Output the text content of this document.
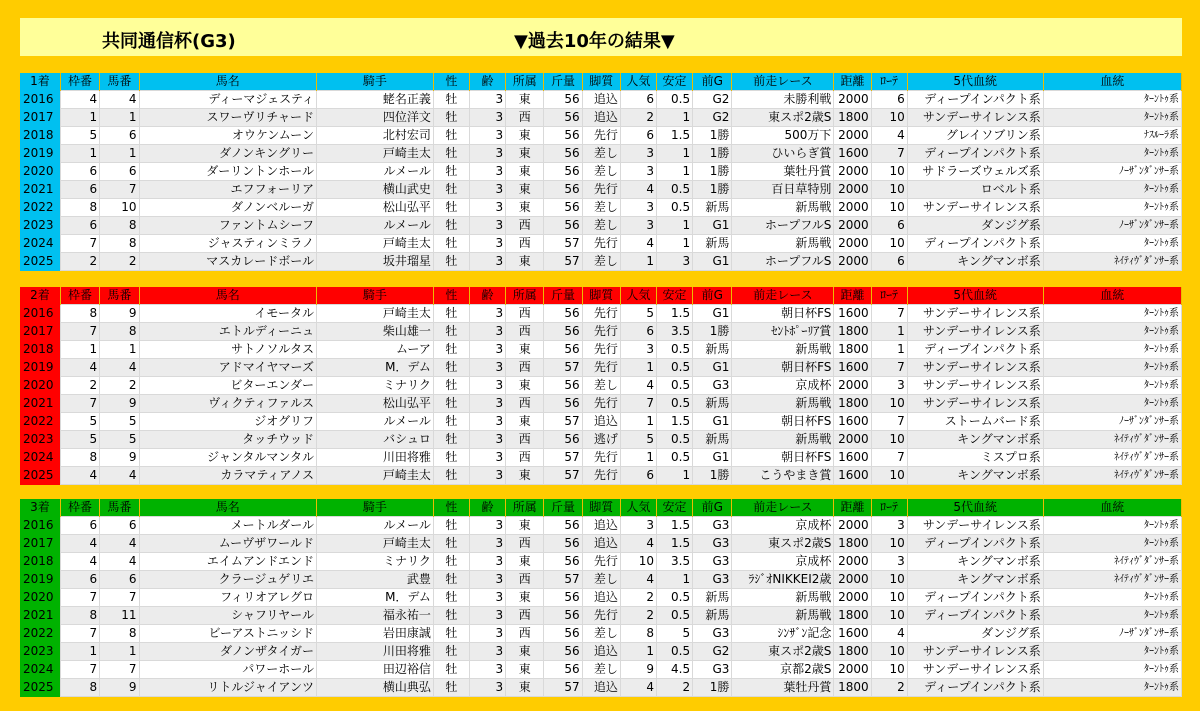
共同通信杯(G3)	▼過去10年の結果▼
1着	枠番	馬番	馬名	騎手	性	齢	所属	斤量	脚質	人気	安定	前G	前走レース	距離	ﾛｰﾃ	5代血統	血統
2016	4	4	ディーマジェスティ	蛯名正義	牡	3	東	56	追込	6	0.5	G2	未勝利戦	2000	6	ディープインパクト系	ﾀｰﾝﾄｩ系
2017	1	1	スワーヴリチャード	四位洋文	牡	3	西	56	追込	2	1	G2	東スポ2歳S	1800	10	サンデーサイレンス系	ﾀｰﾝﾄｩ系
2018	5	6	オウケンムーン	北村宏司	牡	3	東	56	先行	6	1.5	1勝	500万下	2000	4	グレイソブリン系	ﾅｽﾙｰﾗ系
2019	1	1	ダノンキングリー	戸崎圭太	牡	3	東	56	差し	3	1	1勝	ひいらぎ賞	1600	7	ディープインパクト系	ﾀｰﾝﾄｩ系
2020	6	6	ダーリントンホール	ルメール	牡	3	東	56	差し	3	1	1勝	葉牡丹賞	2000	10	サドラーズウェルズ系	ﾉｰｻﾞﾝﾀﾞﾝｻｰ系
2021	6	7	エフフォーリア	横山武史	牡	3	東	56	先行	4	0.5	1勝	百日草特別	2000	10	ロベルト系	ﾀｰﾝﾄｩ系
2022	8	10	ダノンベルーガ	松山弘平	牡	3	東	56	差し	3	0.5	新馬	新馬戦	2000	10	サンデーサイレンス系	ﾀｰﾝﾄｩ系
2023	6	8	ファントムシーフ	ルメール	牡	3	西	56	差し	3	1	G1	ホープフルS	2000	6	ダンジグ系	ﾉｰｻﾞﾝﾀﾞﾝｻｰ系
2024	7	8	ジャスティンミラノ	戸崎圭太	牡	3	西	57	先行	4	1	新馬	新馬戦	2000	10	ディープインパクト系	ﾀｰﾝﾄｩ系
2025	2	2	マスカレードボール	坂井瑠星	牡	3	東	57	差し	1	3	G1	ホープフルS	2000	6	キングマンボ系	ﾈｲﾃｨｳﾞﾀﾞﾝｻｰ系
2着	枠番	馬番	馬名	騎手	性	齢	所属	斤量	脚質	人気	安定	前G	前走レース	距離	ﾛｰﾃ	5代血統	血統
2016	8	9	イモータル	戸崎圭太	牡	3	西	56	先行	5	1.5	G1	朝日杯FS	1600	7	サンデーサイレンス系	ﾀｰﾝﾄｩ系
2017	7	8	エトルディーニュ	柴山雄一	牡	3	西	56	先行	6	3.5	1勝	ｾﾝﾄﾎﾟｰﾘｱ賞	1800	1	サンデーサイレンス系	ﾀｰﾝﾄｩ系
2018	1	1	サトノソルタス	ムーア	牡	3	東	56	先行	3	0.5	新馬	新馬戦	1800	1	ディープインパクト系	ﾀｰﾝﾄｩ系
2019	4	4	アドマイヤマーズ	M．デム	牡	3	西	57	先行	1	0.5	G1	朝日杯FS	1600	7	サンデーサイレンス系	ﾀｰﾝﾄｩ系
2020	2	2	ビターエンダー	ミナリク	牡	3	東	56	差し	4	0.5	G3	京成杯	2000	3	サンデーサイレンス系	ﾀｰﾝﾄｩ系
2021	7	9	ヴィクティファルス	松山弘平	牡	3	西	56	先行	7	0.5	新馬	新馬戦	1800	10	サンデーサイレンス系	ﾀｰﾝﾄｩ系
2022	5	5	ジオグリフ	ルメール	牡	3	東	57	追込	1	1.5	G1	朝日杯FS	1600	7	ストームバード系	ﾉｰｻﾞﾝﾀﾞﾝｻｰ系
2023	5	5	タッチウッド	バシュロ	牡	3	西	56	逃げ	5	0.5	新馬	新馬戦	2000	10	キングマンボ系	ﾈｲﾃｨｳﾞﾀﾞﾝｻｰ系
2024	8	9	ジャンタルマンタル	川田将雅	牡	3	西	57	先行	1	0.5	G1	朝日杯FS	1600	7	ミスプロ系	ﾈｲﾃｨｳﾞﾀﾞﾝｻｰ系
2025	4	4	カラマティアノス	戸崎圭太	牡	3	東	57	先行	6	1	1勝	こうやまき賞	1600	10	キングマンボ系	ﾈｲﾃｨｳﾞﾀﾞﾝｻｰ系
3着	枠番	馬番	馬名	騎手	性	齢	所属	斤量	脚質	人気	安定	前G	前走レース	距離	ﾛｰﾃ	5代血統	血統
2016	6	6	メートルダール	ルメール	牡	3	東	56	追込	3	1.5	G3	京成杯	2000	3	サンデーサイレンス系	ﾀｰﾝﾄｩ系
2017	4	4	ムーヴザワールド	戸崎圭太	牡	3	西	56	追込	4	1.5	G3	東スポ2歳S	1800	10	ディープインパクト系	ﾀｰﾝﾄｩ系
2018	4	4	エイムアンドエンド	ミナリク	牡	3	東	56	先行	10	3.5	G3	京成杯	2000	3	キングマンボ系	ﾈｲﾃｨｳﾞﾀﾞﾝｻｰ系
2019	6	6	クラージュゲリエ	武豊	牡	3	西	57	差し	4	1	G3	ﾗｼﾞｵNIKKEI2歳	2000	10	キングマンボ系	ﾈｲﾃｨｳﾞﾀﾞﾝｻｰ系
2020	7	7	フィリオアレグロ	M．デム	牡	3	東	56	追込	2	0.5	新馬	新馬戦	2000	10	ディープインパクト系	ﾀｰﾝﾄｩ系
2021	8	11	シャフリヤール	福永祐一	牡	3	西	56	先行	2	0.5	新馬	新馬戦	1800	10	ディープインパクト系	ﾀｰﾝﾄｩ系
2022	7	8	ビーアストニッシド	岩田康誠	牡	3	西	56	差し	8	5	G3	ｼﾝｻﾞﾝ記念	1600	4	ダンジグ系	ﾉｰｻﾞﾝﾀﾞﾝｻｰ系
2023	1	1	ダノンザタイガー	川田将雅	牡	3	東	56	追込	1	0.5	G2	東スポ2歳S	1800	10	サンデーサイレンス系	ﾀｰﾝﾄｩ系
2024	7	7	パワーホール	田辺裕信	牡	3	東	56	差し	9	4.5	G3	京都2歳S	2000	10	サンデーサイレンス系	ﾀｰﾝﾄｩ系
2025	8	9	リトルジャイアンツ	横山典弘	牡	3	東	57	追込	4	2	1勝	葉牡丹賞	1800	2	ディープインパクト系	ﾀｰﾝﾄｩ系
